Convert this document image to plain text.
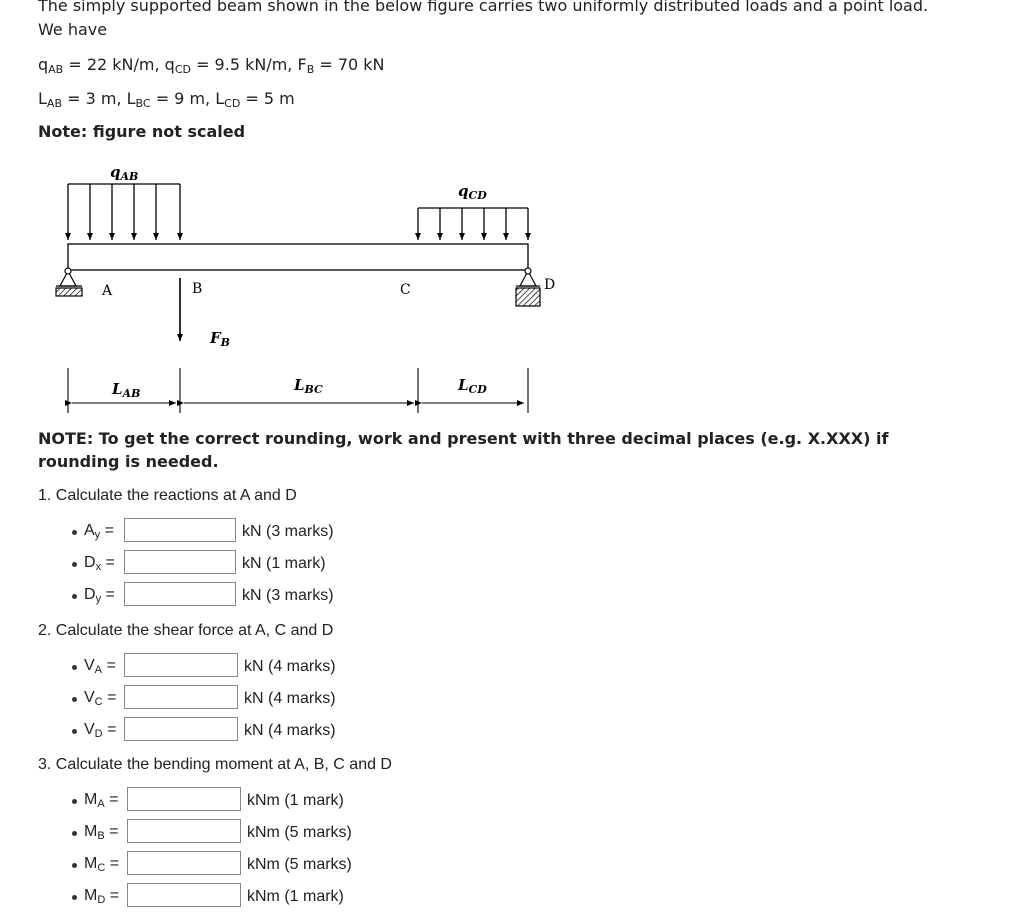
The simply supported beam shown in the below figure carries two uniformly distributed loads and a point load.
We have
$q_{AB} = 22$ kN/m, $q_{CD} = 9.5$ kN/m, $F_B = 70$ kN
$L_{AB} = 3$ m, $L_{BC} = 9$ m, $L_{CD} = 5$ m
Note: figure not scaled
$q_{AB}$
$q_{CD}$
A	D
B
$F_B$
C
$L_{AB}$	$L_{BC}$	$L_{CD}$
NOTE: To get the correct rounding, work and present with three decimal places (e.g. X.XXX) if
rounding is needed.
1. Calculate the reactions at A and D
$A_y$ =	kN (3 marks)
$D_x$ =	kN (1 mark)
$D_y$ =	kN (3 marks)
2. Calculate the shear force at A, C and D
$V_A$ =	kN (4 marks)
$V_C$ =	kN (4 marks)
$V_D$ =	kN (4 marks)
3. Calculate the bending moment at A, B, C and D
$M_A$ =	kNm (1 mark)
$M_B$ =	kNm (5 marks)
$M_C$ =	kNm (5 marks)
$M_D$ =	kNm (1 mark)
